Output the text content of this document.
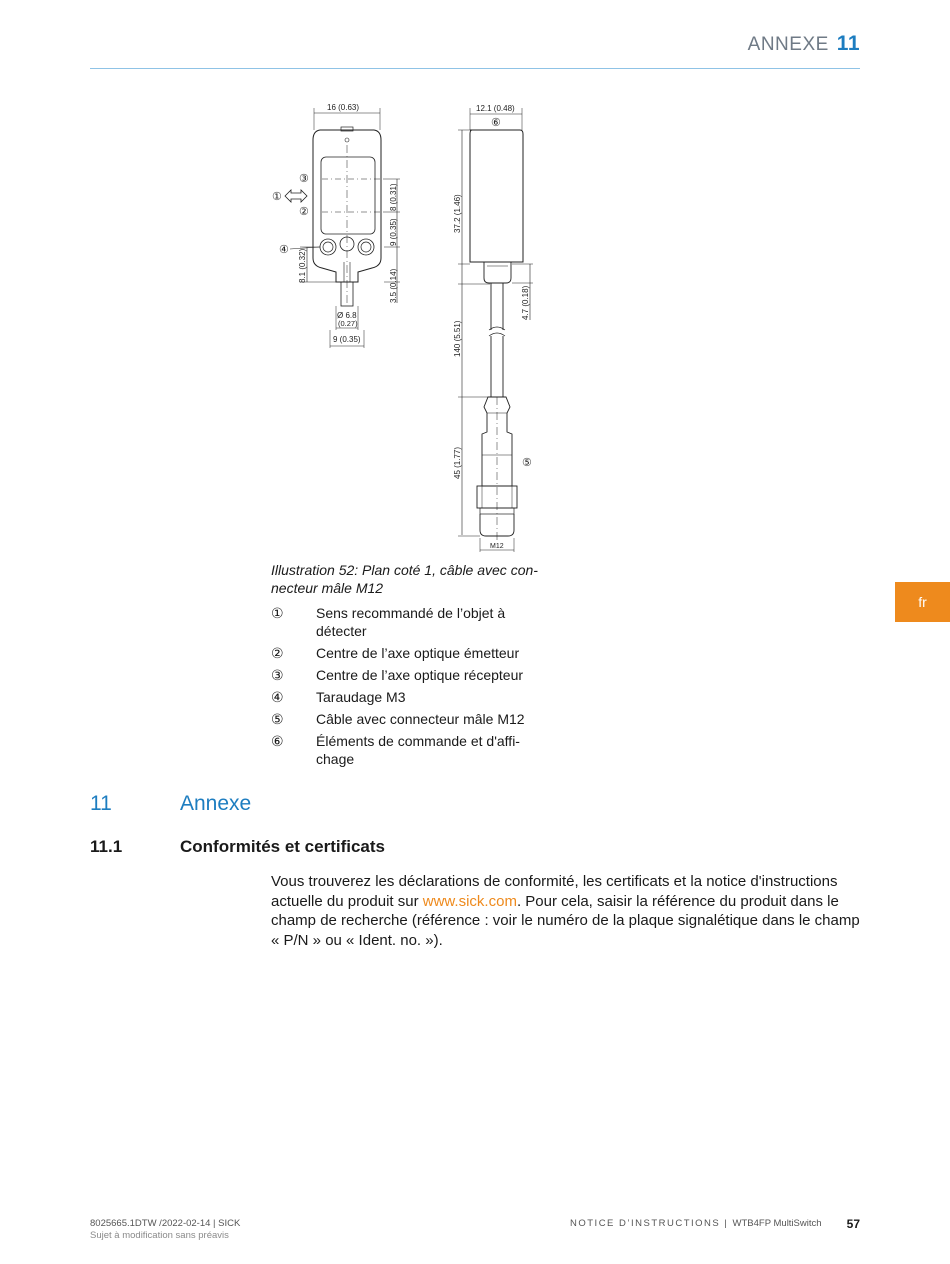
ANNEXE 11
16 (0.63)
8 (0.31)
9 (0.35)
3.5 (0.14)
8.1 (0.32)
Ø 6.8
(0.27)
9 (0.35)
③
①
②
④
12.1 (0.48)
⑥
37.2 (1.46)
4.7 (0.18)
140 (5.51)
45 (1.77)	⑤
M12
Illustration 52: Plan coté 1, câble avec con-necteur mâle M12
①	Sens recommandé de l’objet à détecter
②	Centre de l’axe optique émetteur
③	Centre de l’axe optique récepteur
④	Taraudage M3
⑤	Câble avec connecteur mâle M12
⑥	Éléments de commande et d'affi-chage
fr
11	Annexe
11.1	Conformités et certificats
Vous trouverez les déclarations de conformité, les certificats et la notice d'instructions actuelle du produit sur www.sick.com. Pour cela, saisir la référence du produit dans le champ de recherche (référence : voir le numéro de la plaque signalétique dans le champ « P/N » ou « Ident. no. »).
8025665.1DTW /2022-02-14 | SICK
Sujet à modification sans préavis
NOTICE D’INSTRUCTIONS | WTB4FP MultiSwitch 57
